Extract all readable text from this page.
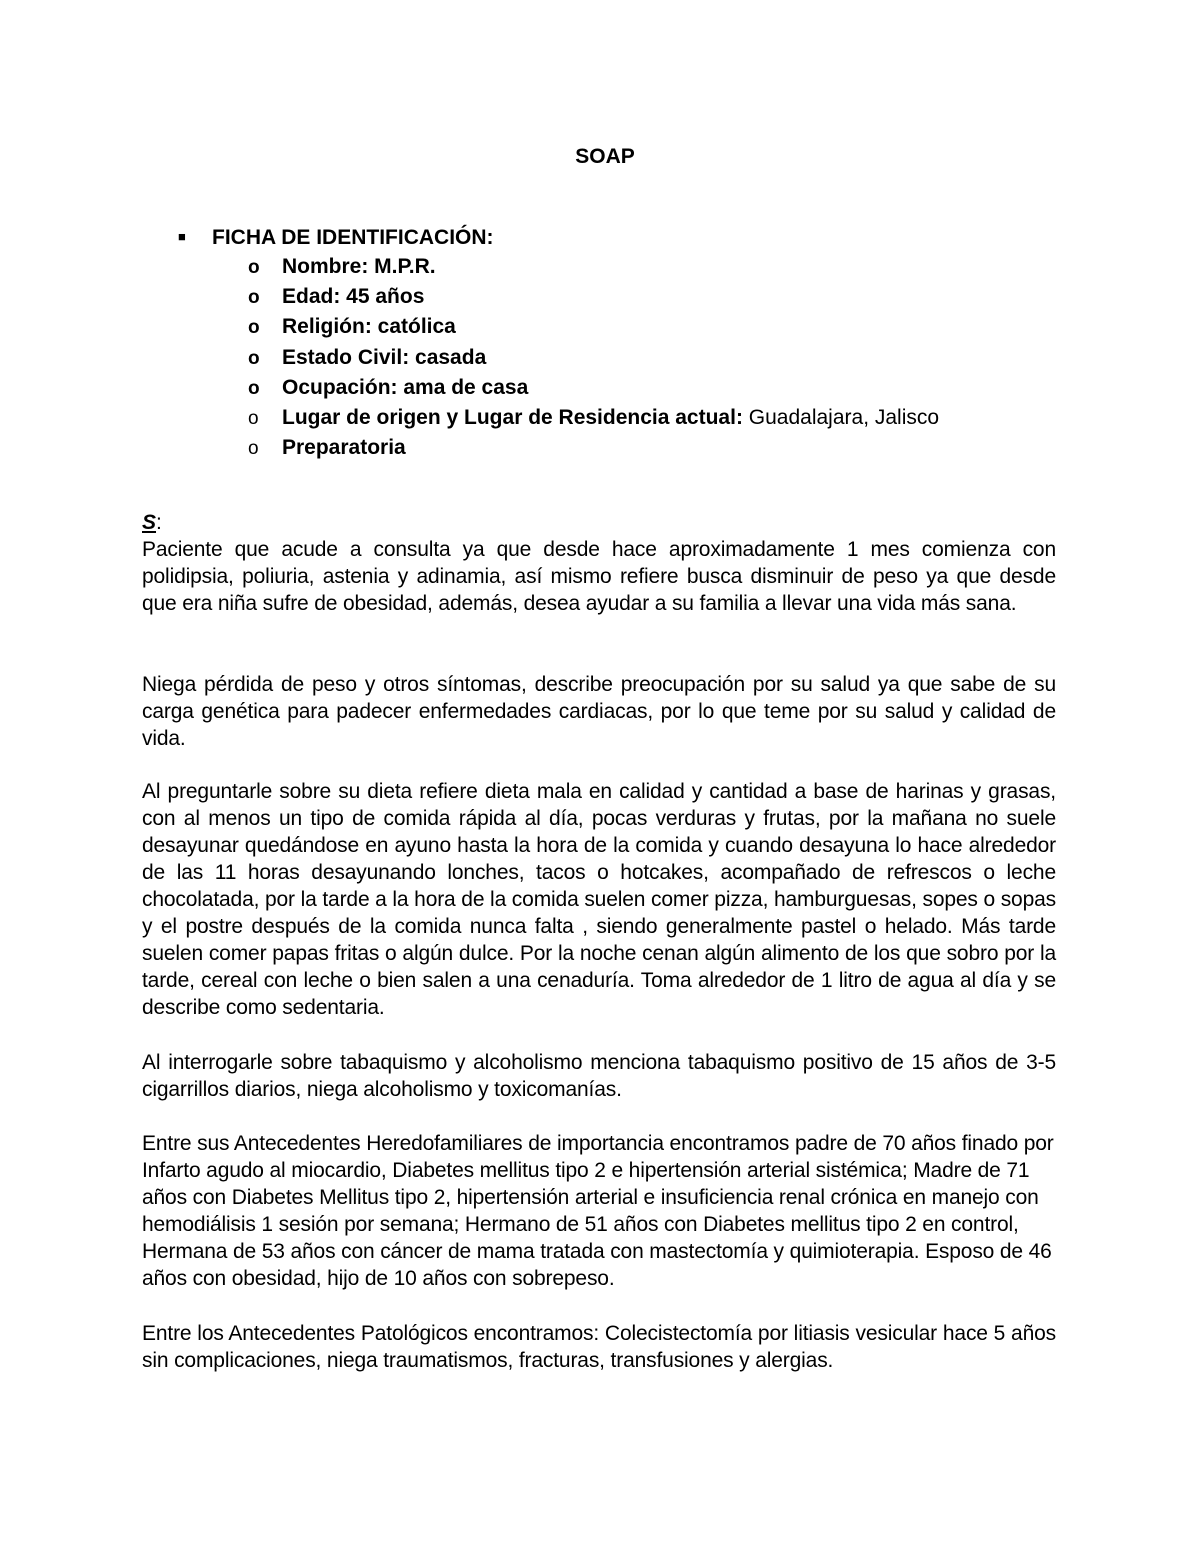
SOAP

■ FICHA DE IDENTIFICACIÓN:

o Nombre: M.P.R.
o Edad: 45 años
o Religión: católica
o Estado Civil: casada
o Ocupación: ama de casa
o Lugar de origen y Lugar de Residencia actual: Guadalajara, Jalisco
o Preparatoria

S:

Paciente que acude a consulta ya que desde hace aproximadamente 1 mes comienza con polidipsia, poliuria, astenia y adinamia, así mismo refiere busca disminuir de peso ya que desde que era niña sufre de obesidad, además, desea ayudar a su familia a llevar una vida más sana.

Niega pérdida de peso y otros síntomas, describe preocupación por su salud ya que sabe de su carga genética para padecer enfermedades cardiacas, por lo que teme por su salud y calidad de vida.

Al preguntarle sobre su dieta refiere dieta mala en calidad y cantidad a base de harinas y grasas, con al menos un tipo de comida rápida al día, pocas verduras y frutas, por la mañana no suele desayunar quedándose en ayuno hasta la hora de la comida y cuando desayuna lo hace alrededor de las 11 horas desayunando lonches, tacos o hotcakes, acompañado de refrescos o leche chocolatada, por la tarde a la hora de la comida suelen comer pizza, hamburguesas, sopes o sopas y el postre después de la comida nunca falta , siendo generalmente pastel o helado. Más tarde suelen comer papas fritas o algún dulce. Por la noche cenan algún alimento de los que sobro por la tarde, cereal con leche o bien salen a una cenaduría. Toma alrededor de 1 litro de agua al día y se describe como sedentaria.

Al interrogarle sobre tabaquismo y alcoholismo menciona tabaquismo positivo de 15 años de 3-5 cigarrillos diarios, niega alcoholismo y toxicomanías.

Entre sus Antecedentes Heredofamiliares de importancia encontramos padre de 70 años finado por Infarto agudo al miocardio, Diabetes mellitus tipo 2 e hipertensión arterial sistémica; Madre de 71 años con Diabetes Mellitus tipo 2, hipertensión arterial e insuficiencia renal crónica en manejo con hemodiálisis 1 sesión por semana; Hermano de 51 años con Diabetes mellitus tipo 2 en control, Hermana de 53 años con cáncer de mama tratada con mastectomía y quimioterapia. Esposo de 46 años con obesidad, hijo de 10 años con sobrepeso.

Entre los Antecedentes Patológicos encontramos: Colecistectomía por litiasis vesicular hace 5 años sin complicaciones, niega traumatismos, fracturas, transfusiones y alergias.
